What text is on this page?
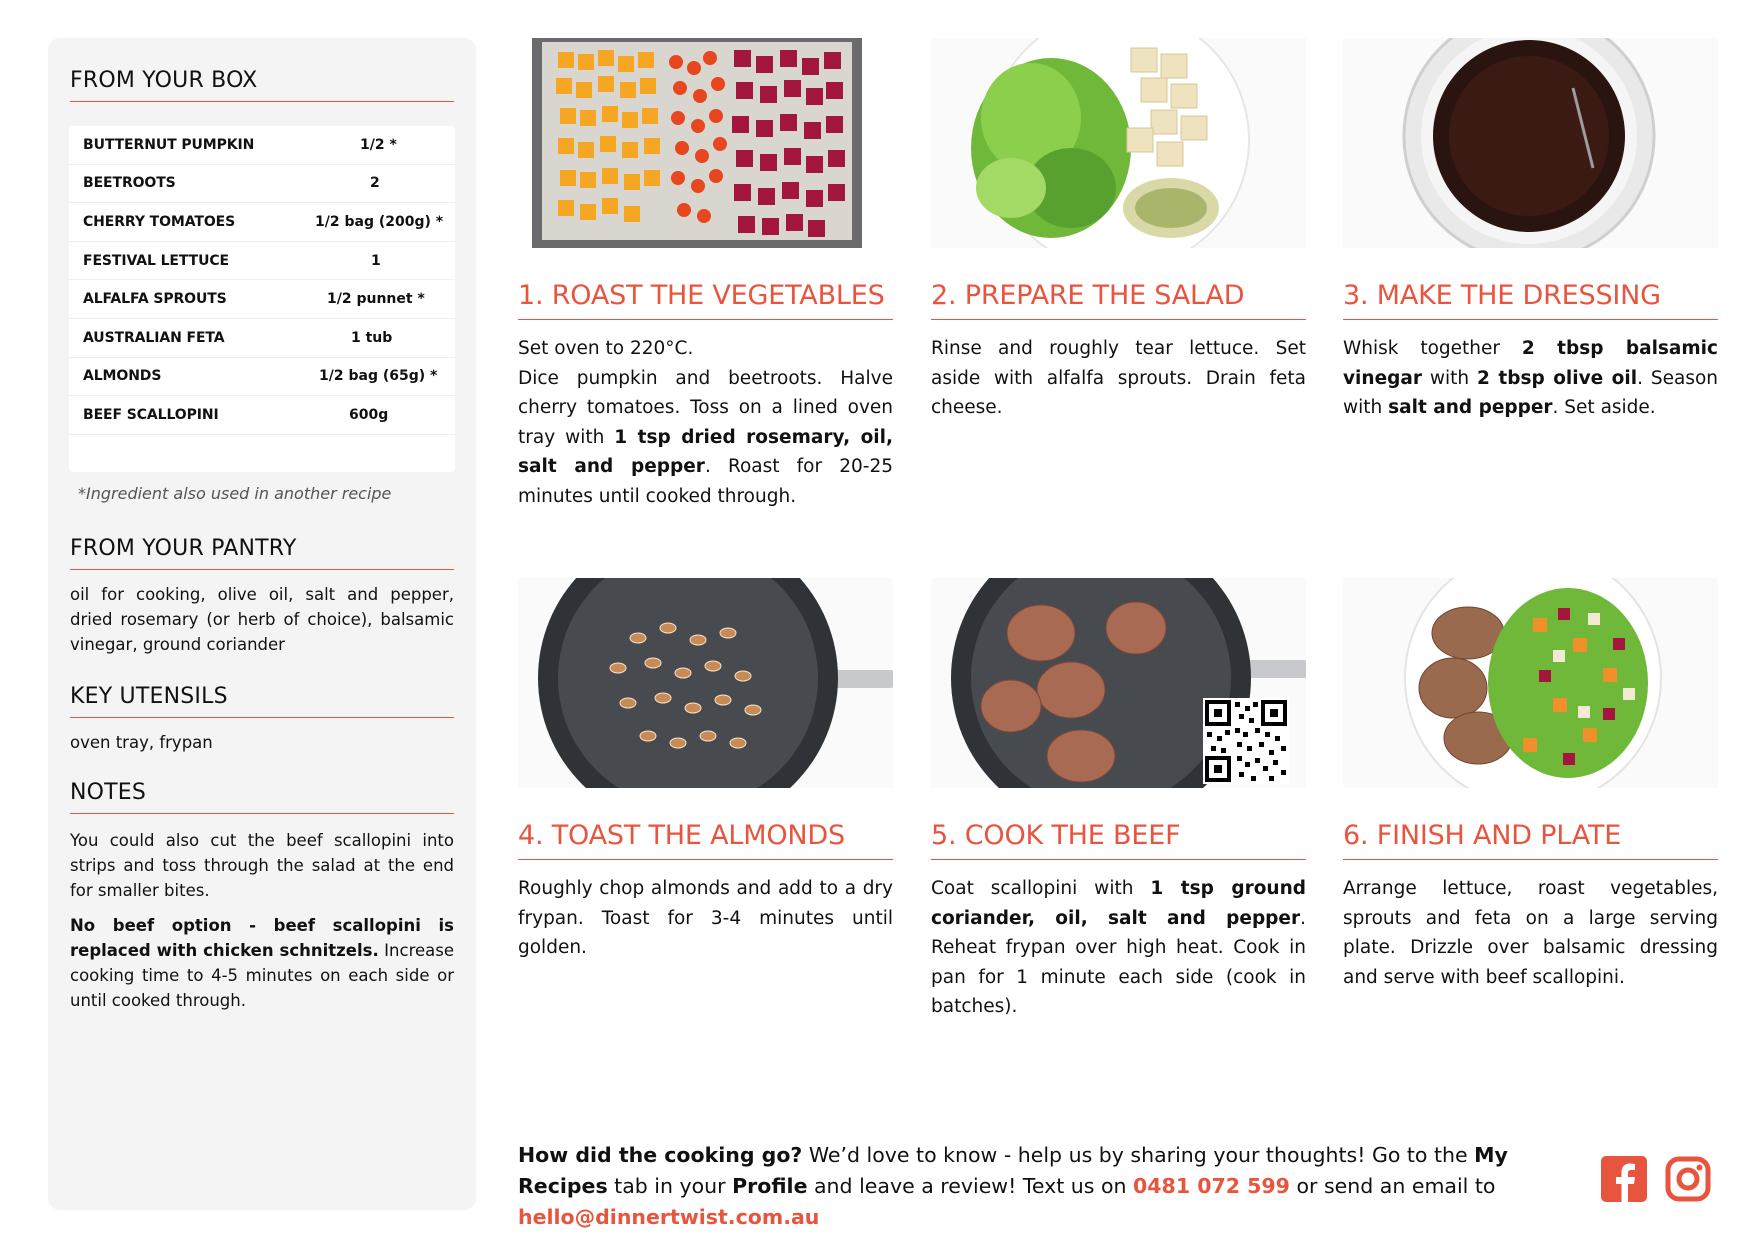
FROM YOUR BOX
BUTTERNUT PUMPKIN	1/2 *
BEETROOTS	2
CHERRY TOMATOES	1/2 bag (200g) *
FESTIVAL LETTUCE	1
ALFALFA SPROUTS	1/2 punnet *
AUSTRALIAN FETA	1 tub
ALMONDS	1/2 bag (65g) *
BEEF SCALLOPINI	600g
*Ingredient also used in another recipe
FROM YOUR PANTRY
oil for cooking, olive oil, salt and pepper, dried rosemary (or herb of choice), balsamic vinegar, ground coriander
KEY UTENSILS
oven tray, frypan
NOTES

You could also cut the beef scallopini into strips and toss through the salad at the end for smaller bites.

No beef option - beef scallopini is replaced with chicken schnitzels. Increase cooking time to 4-5 minutes on each side or until cooked through.

1. ROAST THE VEGETABLES
Set oven to 220°C.
Dice pumpkin and beetroots. Halve cherry tomatoes. Toss on a lined oven tray with 1 tsp dried rosemary, oil, salt and pepper. Roast for 20-25 minutes until cooked through.
2. PREPARE THE SALAD
Rinse and roughly tear lettuce. Set aside with alfalfa sprouts. Drain feta cheese.
3. MAKE THE DRESSING
Whisk together 2 tbsp balsamic vinegar with 2 tbsp olive oil. Season with salt and pepper. Set aside.
4. TOAST THE ALMONDS
Roughly chop almonds and add to a dry frypan. Toast for 3-4 minutes until golden.
5. COOK THE BEEF
Coat scallopini with 1 tsp ground coriander, oil, salt and pepper. Reheat frypan over high heat. Cook in pan for 1 minute each side (cook in batches).
6. FINISH AND PLATE
Arrange lettuce, roast vegetables, sprouts and feta on a large serving plate. Drizzle over balsamic dressing and serve with beef scallopini.
How did the cooking go? We’d love to know - help us by sharing your thoughts! Go to the My Recipes tab in your Profile and leave a review! Text us on 0481 072 599 or send an email to hello@dinnertwist.com.au
